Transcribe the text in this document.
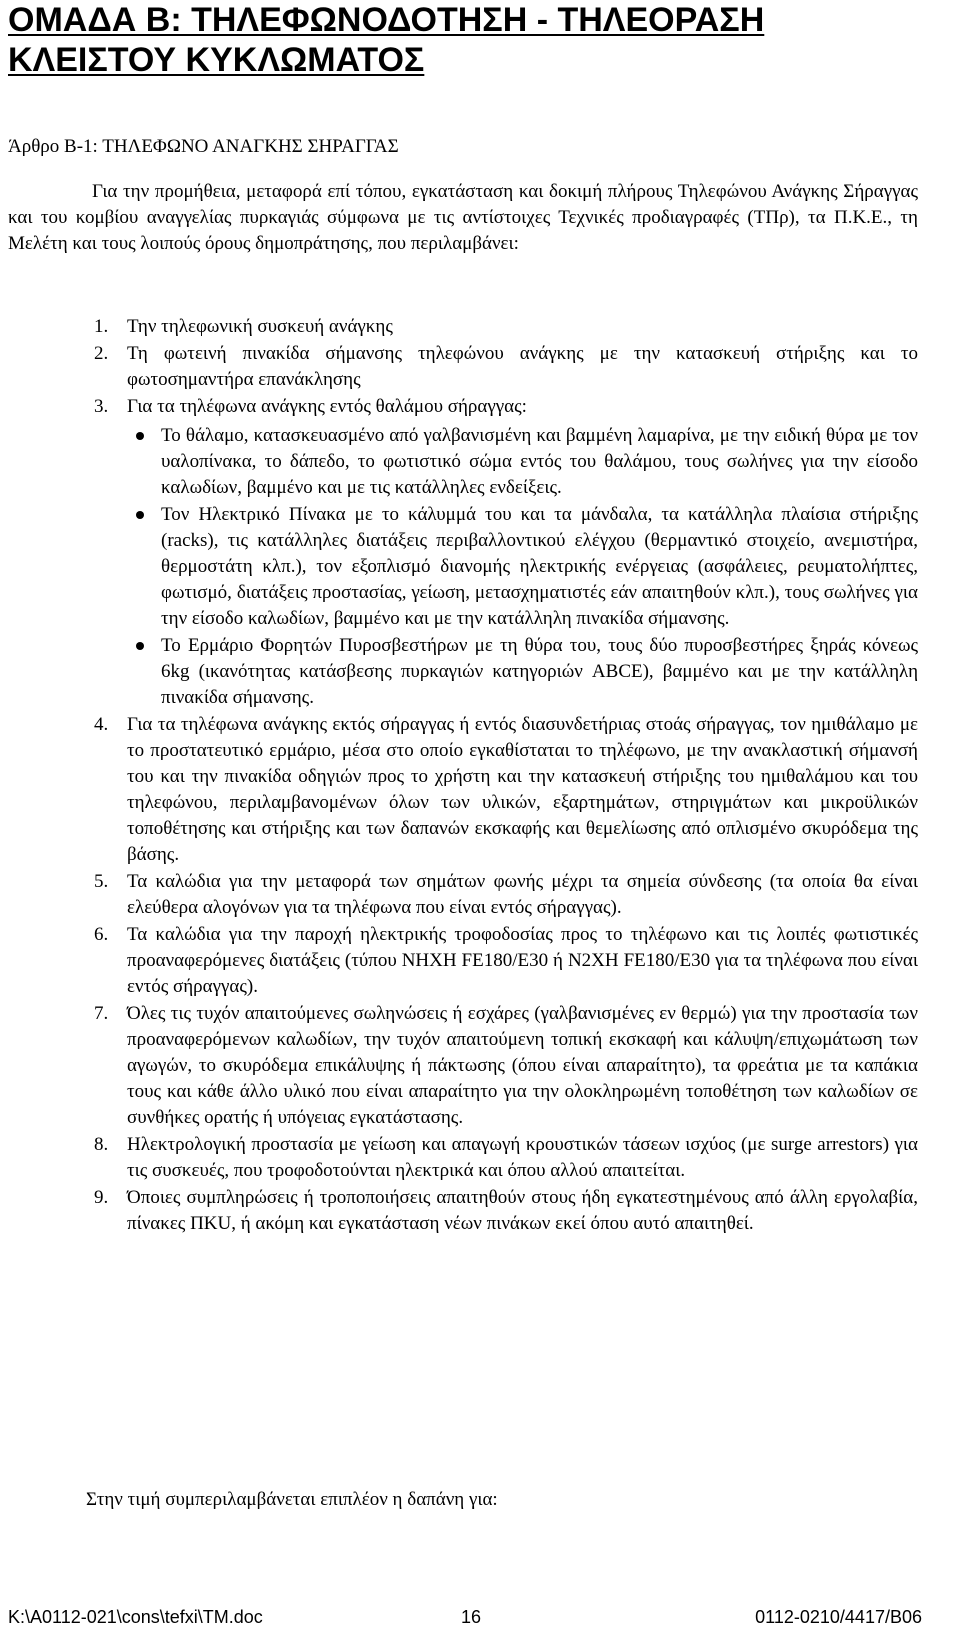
ΟΜΑΔΑ Β: ΤΗΛΕΦΩΝΟΔΟΤΗΣΗ - ΤΗΛΕΟΡΑΣΗ
ΚΛΕΙΣΤΟΥ ΚΥΚΛΩΜΑΤΟΣ
Άρθρο Β-1: ΤΗΛΕΦΩΝΟ ΑΝΑΓΚΗΣ ΣΗΡΑΓΓΑΣ

Για την προμήθεια, μεταφορά επί τόπου, εγκατάσταση και δοκιμή πλήρους Τηλεφώνου Ανάγκης Σήραγγας και του κομβίου αναγγελίας πυρκαγιάς σύμφωνα με τις αντίστοιχες Τεχνικές προδιαγραφές (ΤΠρ), τα Π.Κ.Ε., τη Μελέτη και τους λοιπούς όρους δημοπράτησης, που περιλαμβάνει:

1. Την τηλεφωνική συσκευή ανάγκης
2. Τη φωτεινή πινακίδα σήμανσης τηλεφώνου ανάγκης με την κατασκευή στήριξης και το φωτοσημαντήρα επανάκλησης
3. Για τα τηλέφωνα ανάγκης εντός θαλάμου σήραγγας:
Το θάλαμο, κατασκευασμένο από γαλβανισμένη και βαμμένη λαμαρίνα, με την ειδική θύρα με τον υαλοπίνακα, το δάπεδο, το φωτιστικό σώμα εντός του θαλάμου, τους σωλήνες για την είσοδο καλωδίων, βαμμένο και με τις κατάλληλες ενδείξεις.
Τον Ηλεκτρικό Πίνακα με το κάλυμμά του και τα μάνδαλα, τα κατάλληλα πλαίσια στήριξης (racks), τις κατάλληλες διατάξεις περιβαλλοντικού ελέγχου (θερμαντικό στοιχείο, ανεμιστήρα, θερμοστάτη κλπ.), τον εξοπλισμό διανομής ηλεκτρικής ενέργειας (ασφάλειες, ρευματολήπτες, φωτισμό, διατάξεις προστασίας, γείωση, μετασχηματιστές εάν απαιτηθούν κλπ.), τους σωλήνες για την είσοδο καλωδίων, βαμμένο και με την κατάλληλη πινακίδα σήμανσης.
Το Ερμάριο Φορητών Πυροσβεστήρων με τη θύρα του, τους δύο πυροσβεστήρες ξηράς κόνεως 6kg (ικανότητας κατάσβεσης πυρκαγιών κατηγοριών ABCE), βαμμένο και με την κατάλληλη πινακίδα σήμανσης.
4. Για τα τηλέφωνα ανάγκης εκτός σήραγγας ή εντός διασυνδετήριας στοάς σήραγγας, τον ημιθάλαμο με το προστατευτικό ερμάριο, μέσα στο οποίο εγκαθίσταται το τηλέφωνο, με την ανακλαστική σήμανσή του και την πινακίδα οδηγιών προς το χρήστη και την κατασκευή στήριξης του ημιθαλάμου και του τηλεφώνου, περιλαμβανομένων όλων των υλικών, εξαρτημάτων, στηριγμάτων και μικροϋλικών τοποθέτησης και στήριξης και των δαπανών εκσκαφής και θεμελίωσης από οπλισμένο σκυρόδεμα της βάσης.
5. Τα καλώδια για την μεταφορά των σημάτων φωνής μέχρι τα σημεία σύνδεσης (τα οποία θα είναι ελεύθερα αλογόνων για τα τηλέφωνα που είναι εντός σήραγγας).
6. Τα καλώδια για την παροχή ηλεκτρικής τροφοδοσίας προς το τηλέφωνο και τις λοιπές φωτιστικές προαναφερόμενες διατάξεις (τύπου NHXH FE180/E30 ή N2XH FE180/E30 για τα τηλέφωνα που είναι εντός σήραγγας).
7. Όλες τις τυχόν απαιτούμενες σωληνώσεις ή εσχάρες (γαλβανισμένες εν θερμώ) για την προστασία των προαναφερόμενων καλωδίων, την τυχόν απαιτούμενη τοπική εκσκαφή και κάλυψη/επιχωμάτωση των αγωγών, το σκυρόδεμα επικάλυψης ή πάκτωσης (όπου είναι απαραίτητο), τα φρεάτια με τα καπάκια τους και κάθε άλλο υλικό που είναι απαραίτητο για την ολοκληρωμένη τοποθέτηση των καλωδίων σε συνθήκες ορατής ή υπόγειας εγκατάστασης.
8. Ηλεκτρολογική προστασία με γείωση και απαγωγή κρουστικών τάσεων ισχύος (με surge arrestors) για τις συσκευές, που τροφοδοτούνται ηλεκτρικά και όπου αλλού απαιτείται.
9. Όποιες συμπληρώσεις ή τροποποιήσεις απαιτηθούν στους ήδη εγκατεστημένους από άλλη εργολαβία, πίνακες ΠΚU, ή ακόμη και εγκατάσταση νέων πινάκων εκεί όπου αυτό απαιτηθεί.

Στην τιμή συμπεριλαμβάνεται επιπλέον η δαπάνη για:

K:\A0112-021\cons\tefxi\TM.doc	16	0112-0210/4417/B06
